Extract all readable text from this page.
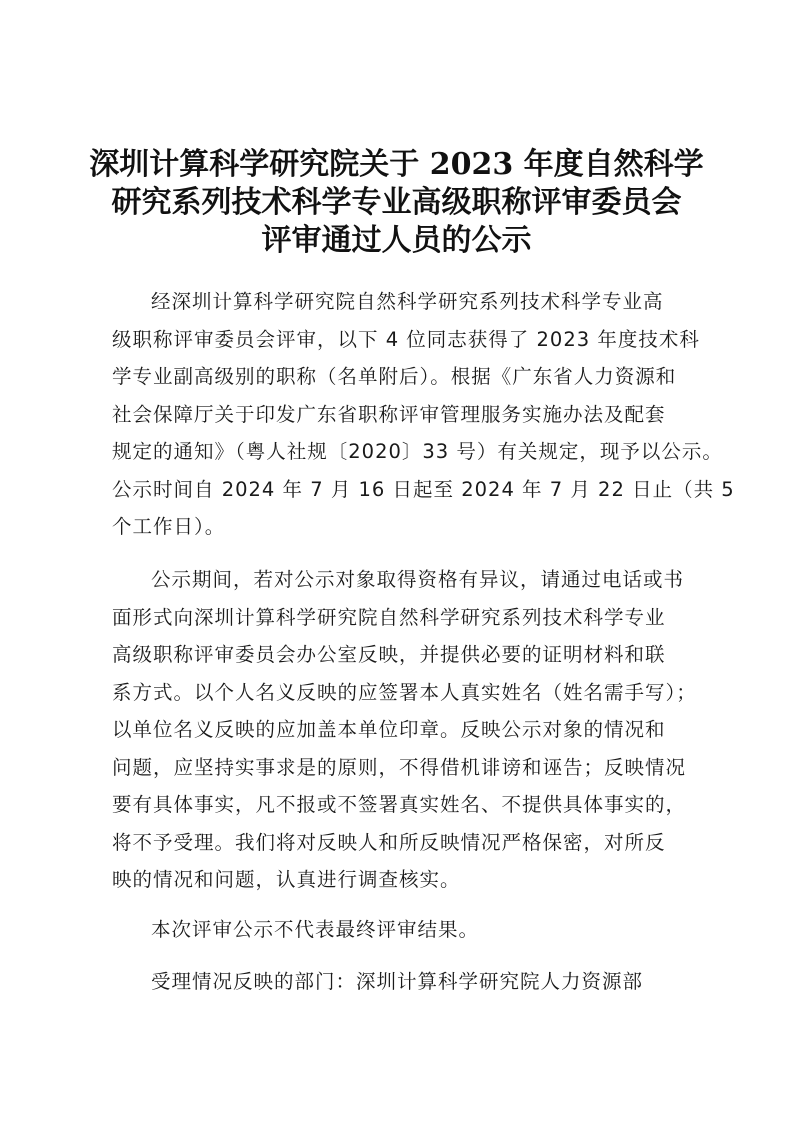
深圳计算科学研究院关于 2023 年度自然科学
研究系列技术科学专业高级职称评审委员会
评审通过人员的公示
经深圳计算科学研究院自然科学研究系列技术科学专业高
级职称评审委员会评审，以下 4 位同志获得了 2023 年度技术科
学专业副高级别的职称（名单附后）。根据《广东省人力资源和
社会保障厅关于印发广东省职称评审管理服务实施办法及配套
规定的通知》（粤人社规〔2020〕33 号）有关规定，现予以公示。
公示时间自 2024 年 7 月 16 日起至 2024 年 7 月 22 日止（共 5
个工作日）。
公示期间，若对公示对象取得资格有异议，请通过电话或书
面形式向深圳计算科学研究院自然科学研究系列技术科学专业
高级职称评审委员会办公室反映，并提供必要的证明材料和联
系方式。以个人名义反映的应签署本人真实姓名（姓名需手写）；
以单位名义反映的应加盖本单位印章。反映公示对象的情况和
问题，应坚持实事求是的原则，不得借机诽谤和诬告；反映情况
要有具体事实，凡不报或不签署真实姓名、不提供具体事实的，
将不予受理。我们将对反映人和所反映情况严格保密，对所反
映的情况和问题，认真进行调查核实。
本次评审公示不代表最终评审结果。
受理情况反映的部门：深圳计算科学研究院人力资源部
